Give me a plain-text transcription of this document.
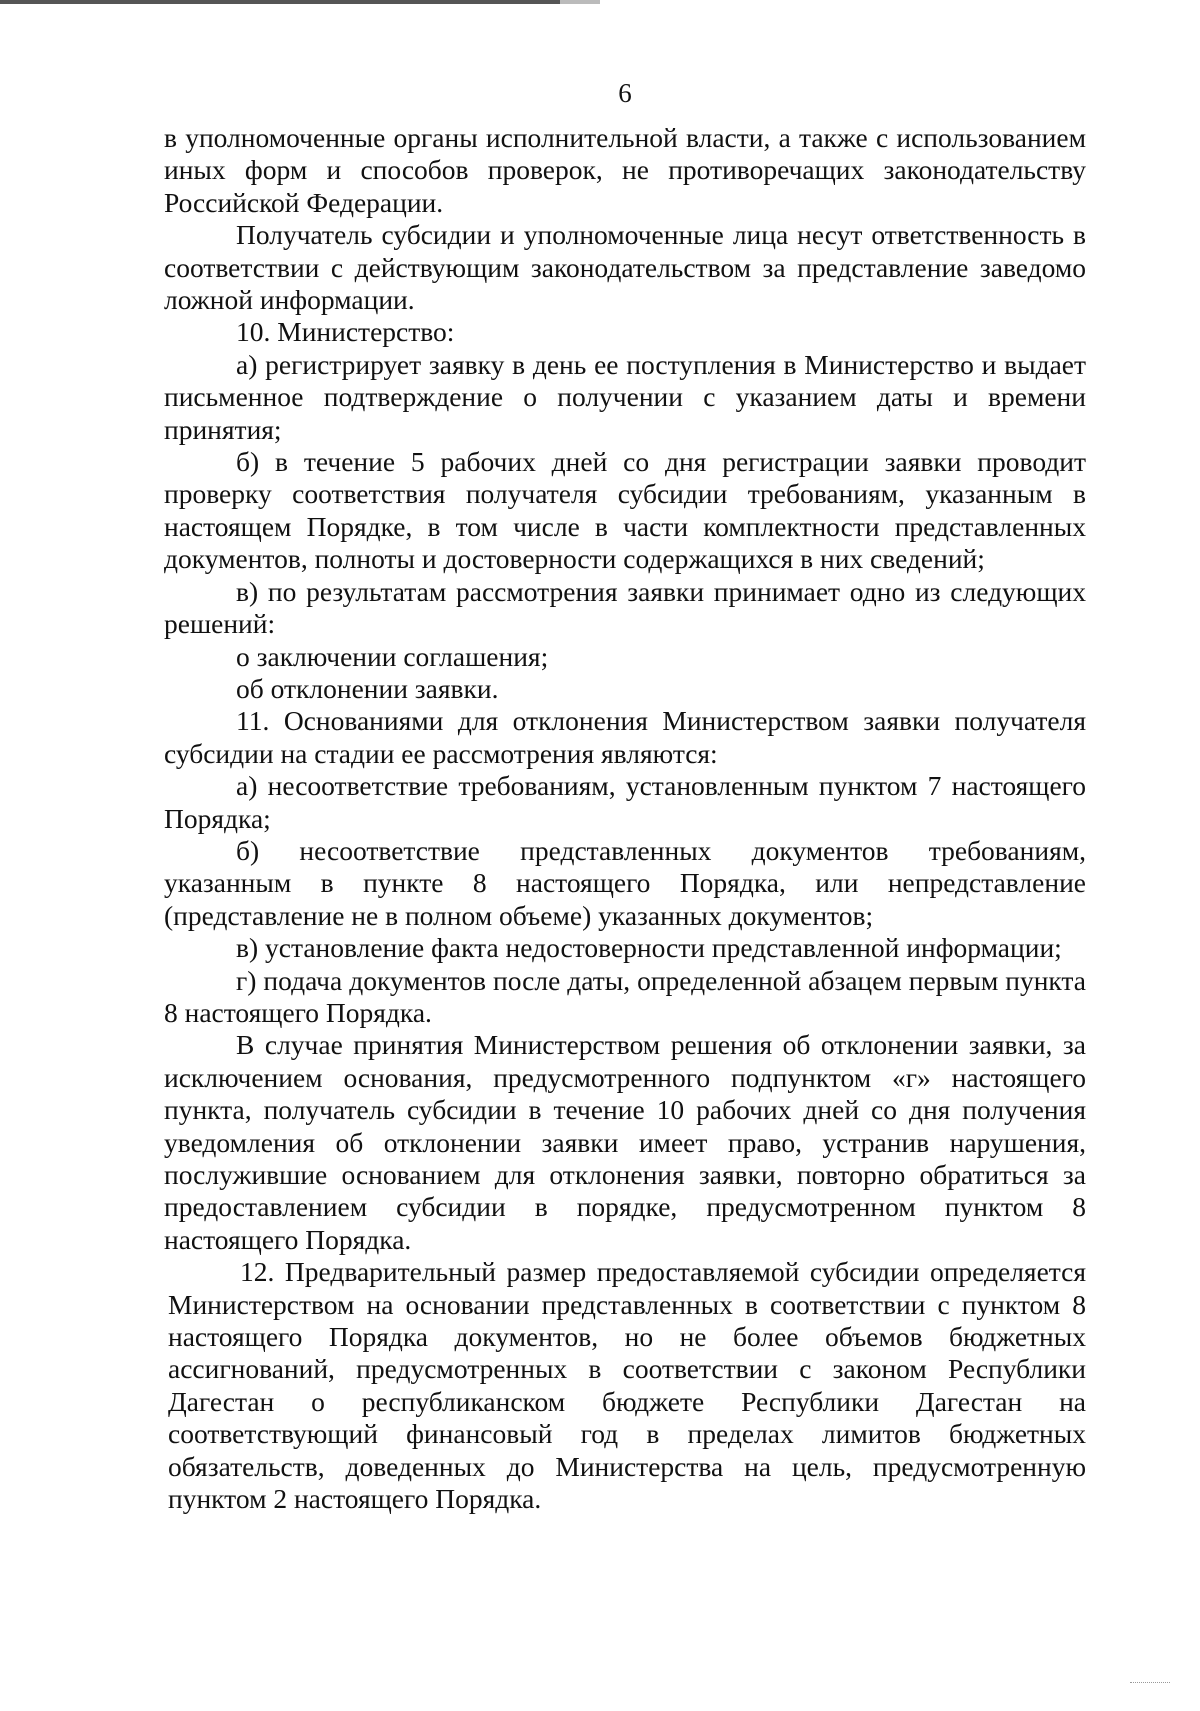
6

в уполномоченные органы исполнительной власти, а также с использованием иных форм и способов проверок, не противоречащих законодательству Российской Федерации.

Получатель субсидии и уполномоченные лица несут ответственность в соответствии с действующим законодательством за представление заведомо ложной информации.

10. Министерство:

а) регистрирует заявку в день ее поступления в Министерство и выдает письменное подтверждение о получении с указанием даты и времени принятия;

б) в течение 5 рабочих дней со дня регистрации заявки проводит проверку соответствия получателя субсидии требованиям, указанным в настоящем Порядке, в том числе в части комплектности представленных документов, полноты и достоверности содержащихся в них сведений;

в) по результатам рассмотрения заявки принимает одно из следующих решений:

о заключении соглашения;

об отклонении заявки.

11. Основаниями для отклонения Министерством заявки получателя субсидии на стадии ее рассмотрения являются:

а) несоответствие требованиям, установленным пунктом 7 настоящего Порядка;

б) несоответствие представленных документов требованиям, указанным в пункте 8 настоящего Порядка, или непредставление (представление не в полном объеме) указанных документов;

в) установление факта недостоверности представленной информации;

г) подача документов после даты, определенной абзацем первым пункта 8 настоящего Порядка.

В случае принятия Министерством решения об отклонении заявки, за исключением основания, предусмотренного подпунктом «г» настоящего пункта, получатель субсидии в течение 10 рабочих дней со дня получения уведомления об отклонении заявки имеет право, устранив нарушения, послужившие основанием для отклонения заявки, повторно обратиться за предоставлением субсидии в порядке, предусмотренном пунктом 8 настоящего Порядка.

12. Предварительный размер предоставляемой субсидии определяется Министерством на основании представленных в соответствии с пунктом 8 настоящего Порядка документов, но не более объемов бюджетных ассигнований, предусмотренных в соответствии с законом Республики Дагестан о республиканском бюджете Республики Дагестан на соответствующий финансовый год в пределах лимитов бюджетных обязательств, доведенных до Министерства на цель, предусмотренную пунктом 2 настоящего Порядка.
